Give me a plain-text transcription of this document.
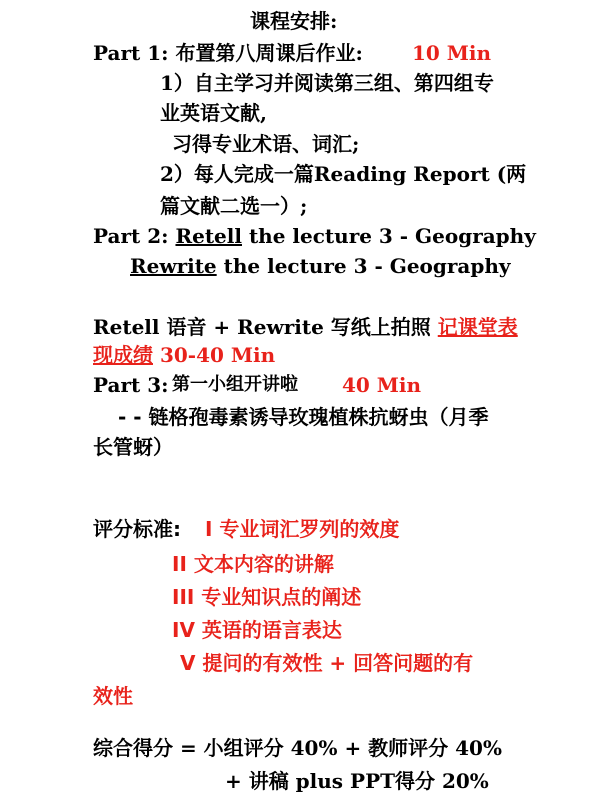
课程安排:
Part 1: 布置第八周课后作业: 10 Min
1）自主学习并阅读第三组、第四组专
业英语文献,
习得专业术语、词汇;
2）每人完成一篇Reading Report (两
篇文献二选一）;
Part 2: Retell the lecture 3 - Geography
Rewrite the lecture 3 - Geography
Retell 语音 + Rewrite 写纸上拍照 记课堂表
现成绩 30-40 Min
Part 3: 第一小组开讲啦 40 Min
- - 链格孢毒素诱导玫瑰植株抗蚜虫（月季
长管蚜）
评分标准: I 专业词汇罗列的效度
II 文本内容的讲解
III 专业知识点的阐述
IV 英语的语言表达
V 提问的有效性 + 回答问题的有
效性
综合得分 = 小组评分 40% + 教师评分 40%
+ 讲稿 plus PPT得分 20%
